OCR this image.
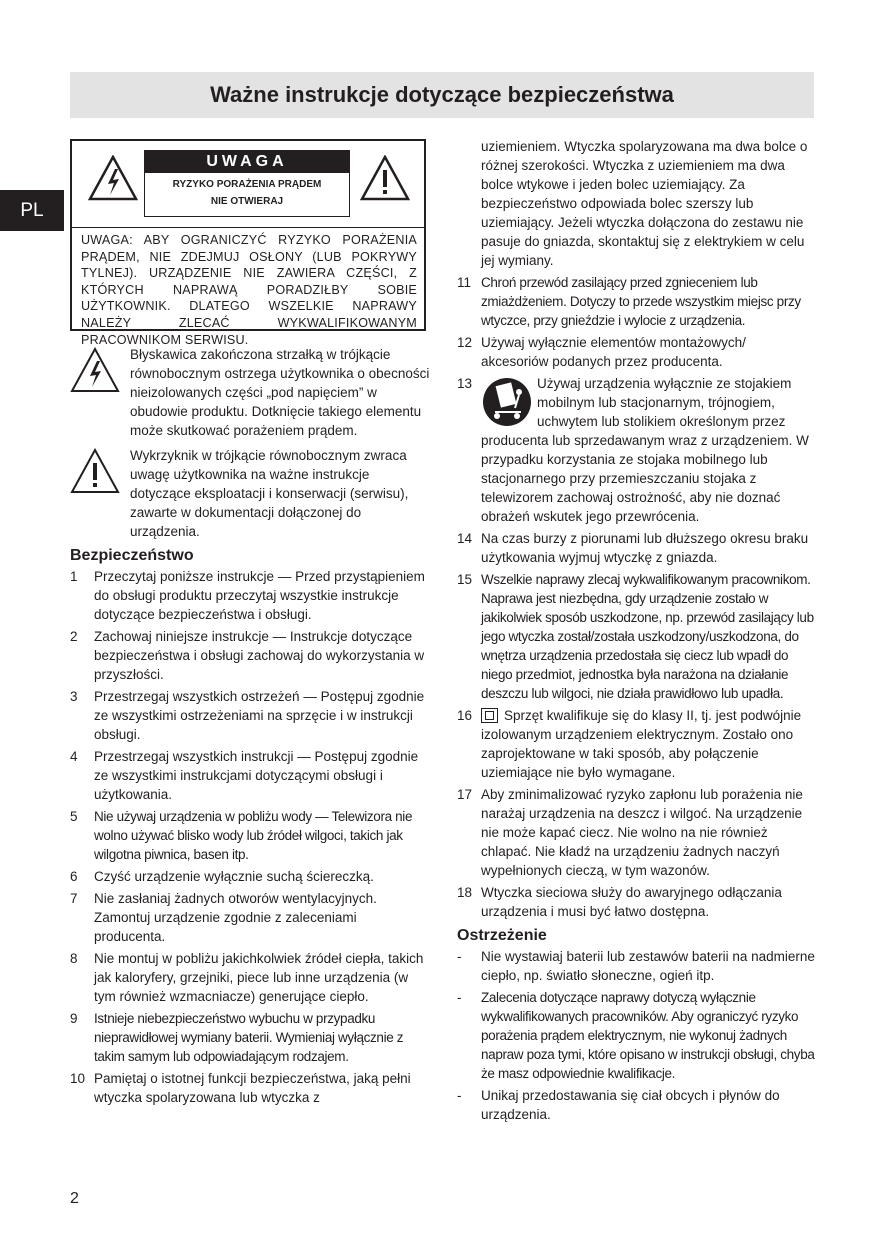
Ważne instrukcje dotyczące bezpieczeństwa
PL
UWAGA
RYZYKO PORAŻENIA PRĄDEM
NIE OTWIERAJ
UWAGA: ABY OGRANICZYĆ RYZYKO PORAŻENIA PRĄDEM, NIE ZDEJMUJ OSŁONY (LUB POKRYWY TYLNEJ). URZĄDZENIE NIE ZAWIERA CZĘŚCI, Z KTÓRYCH NAPRAWĄ PORADZIŁBY SOBIE UŻYTKOWNIK. DLATEGO WSZELKIE NAPRAWY NALEŻY ZLECAĆ WYKWALIFIKOWANYM PRACOWNIKOM SERWISU.

Błyskawica zakończona strzałką w trójkącie równobocznym ostrzega użytkownika o obecności nieizolowanych części „pod napięciem” w obudowie produktu. Dotknięcie takiego elementu może skutkować porażeniem prądem.

Wykrzyknik w trójkącie równobocznym zwraca uwagę użytkownika na ważne instrukcje dotyczące eksploatacji i konserwacji (serwisu), zawarte w dokumentacji dołączonej do urządzenia.

Bezpieczeństwo
1	Przeczytaj poniższe instrukcje — Przed przystąpieniem do obsługi produktu przeczytaj wszystkie instrukcje dotyczące bezpieczeństwa i obsługi.
2	Zachowaj niniejsze instrukcje — Instrukcje dotyczące bezpieczeństwa i obsługi zachowaj do wykorzystania w przyszłości.
3	Przestrzegaj wszystkich ostrzeżeń — Postępuj zgodnie ze wszystkimi ostrzeżeniami na sprzęcie i w instrukcji obsługi.
4	Przestrzegaj wszystkich instrukcji — Postępuj zgodnie ze wszystkimi instrukcjami dotyczącymi obsługi i użytkowania.
5	Nie używaj urządzenia w pobliżu wody — Telewizora nie wolno używać blisko wody lub źródeł wilgoci, takich jak wilgotna piwnica, basen itp.
6	Czyść urządzenie wyłącznie suchą ściereczką.
7	Nie zasłaniaj żadnych otworów wentylacyjnych. Zamontuj urządzenie zgodnie z zaleceniami producenta.
8	Nie montuj w pobliżu jakichkolwiek źródeł ciepła, takich jak kaloryfery, grzejniki, piece lub inne urządzenia (w tym również wzmacniacze) generujące ciepło.
9	Istnieje niebezpieczeństwo wybuchu w przypadku nieprawidłowej wymiany baterii. Wymieniaj wyłącznie z takim samym lub odpowiadającym rodzajem.
10 Pamiętaj o istotnej funkcji bezpieczeństwa, jaką pełni wtyczka spolaryzowana lub wtyczka z

uziemieniem. Wtyczka spolaryzowana ma dwa bolce o różnej szerokości. Wtyczka z uziemieniem ma dwa bolce wtykowe i jeden bolec uziemiający. Za bezpieczeństwo odpowiada bolec szerszy lub uziemiający. Jeżeli wtyczka dołączona do zestawu nie pasuje do gniazda, skontaktuj się z elektrykiem w celu jej wymiany.

11 Chroń przewód zasilający przed zgnieceniem lub zmiażdżeniem. Dotyczy to przede wszystkim miejsc przy wtyczce, przy gnieździe i wylocie z urządzenia.
12 Używaj wyłącznie elementów montażowych/ akcesoriów podanych przez producenta.
13	Używaj urządzenia wyłącznie ze stojakiem mobilnym lub stacjonarnym, trójnogiem, uchwytem lub stolikiem określonym przez producenta lub sprzedawanym wraz z urządzeniem. W przypadku korzystania ze stojaka mobilnego lub stacjonarnego przy przemieszczaniu stojaka z telewizorem zachowaj ostrożność, aby nie doznać obrażeń wskutek jego przewrócenia.
14 Na czas burzy z piorunami lub dłuższego okresu braku użytkowania wyjmuj wtyczkę z gniazda.
15 Wszelkie naprawy zlecaj wykwalifikowanym pracownikom. Naprawa jest niezbędna, gdy urządzenie zostało w jakikolwiek sposób uszkodzone, np. przewód zasilający lub jego wtyczka został/została uszkodzony/uszkodzona, do wnętrza urządzenia przedostała się ciecz lub wpadł do niego przedmiot, jednostka była narażona na działanie deszczu lub wilgoci, nie działa prawidłowo lub upadła.
16	Sprzęt kwalifikuje się do klasy II, tj. jest podwójnie izolowanym urządzeniem elektrycznym. Zostało ono zaprojektowane w taki sposób, aby połączenie uziemiające nie było wymagane.
17 Aby zminimalizować ryzyko zapłonu lub porażenia nie narażaj urządzenia na deszcz i wilgoć. Na urządzenie nie może kapać ciecz. Nie wolno na nie również chlapać. Nie kładź na urządzeniu żadnych naczyń wypełnionych cieczą, w tym wazonów.
18 Wtyczka sieciowa służy do awaryjnego odłączania urządzenia i musi być łatwo dostępna.
Ostrzeżenie
-	Nie wystawiaj baterii lub zestawów baterii na nadmierne ciepło, np. światło słoneczne, ogień itp.
-	Zalecenia dotyczące naprawy dotyczą wyłącznie wykwalifikowanych pracowników. Aby ograniczyć ryzyko porażenia prądem elektrycznym, nie wykonuj żadnych napraw poza tymi, które opisano w instrukcji obsługi, chyba że masz odpowiednie kwalifikacje.
-	Unikaj przedostawania się ciał obcych i płynów do urządzenia.
2
